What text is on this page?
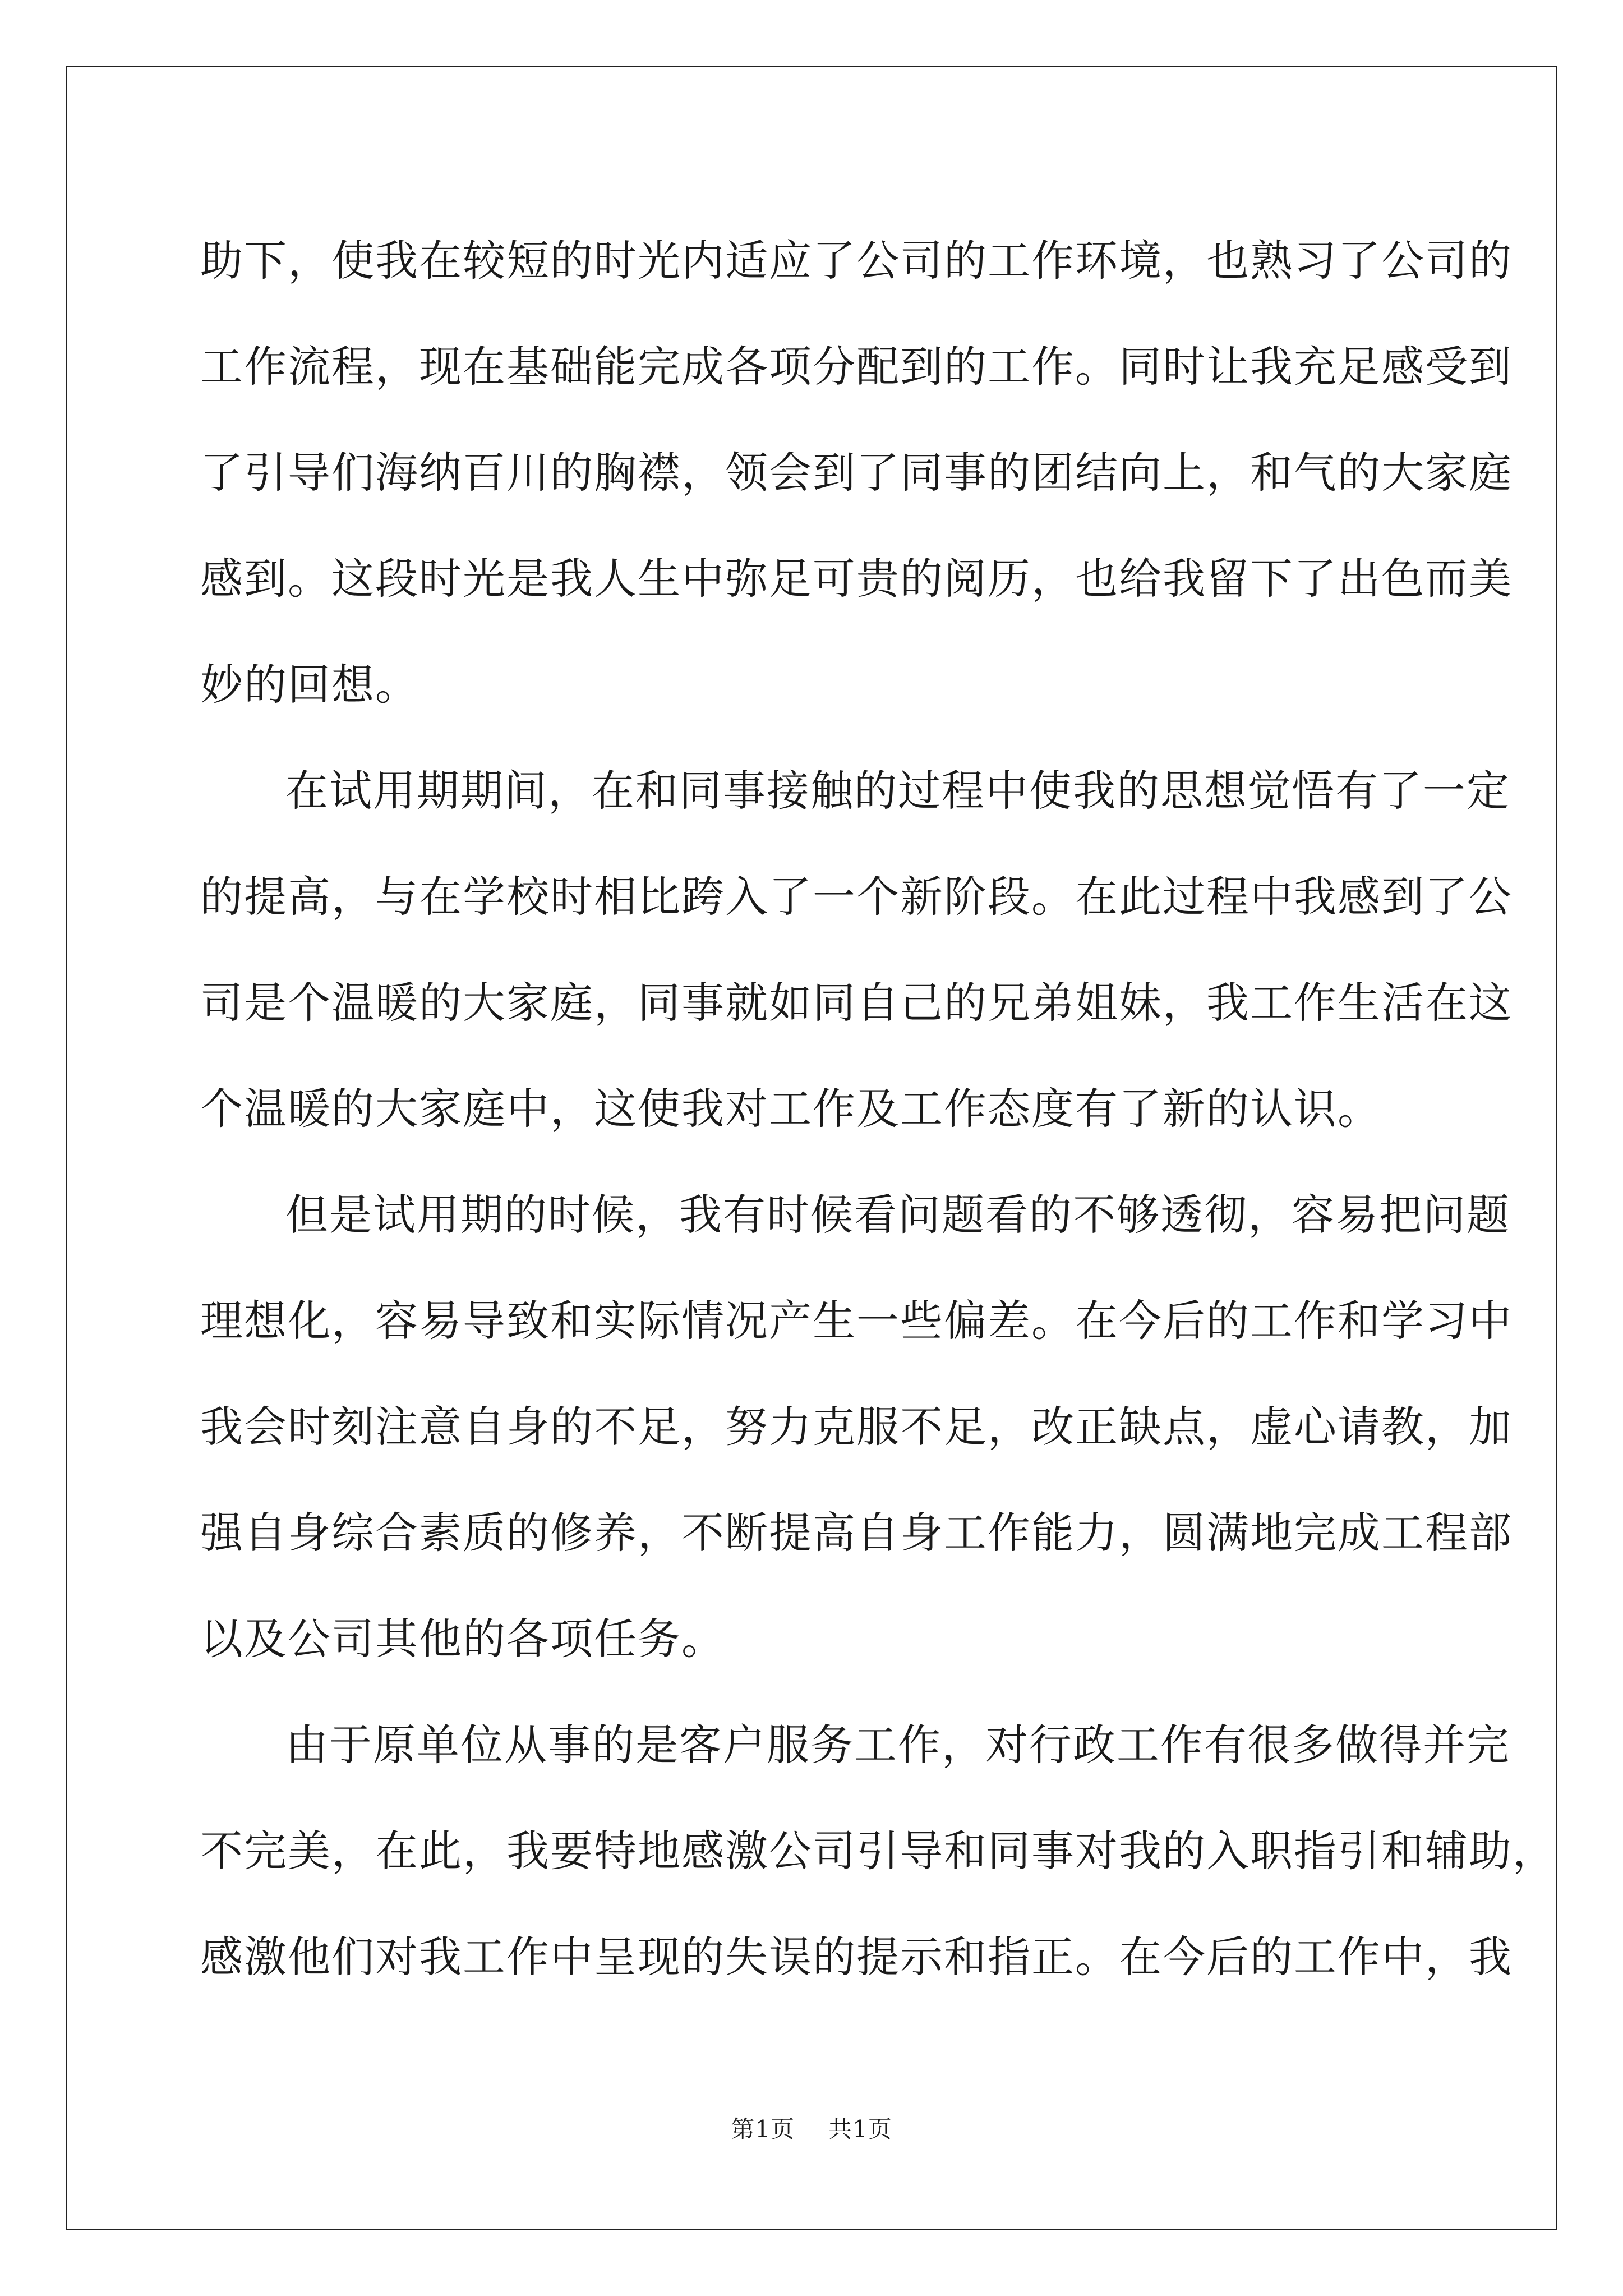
助下，使我在较短的时光内适应了公司的工作环境，也熟习了公司的
工作流程，现在基础能完成各项分配到的工作。同时让我充足感受到
了引导们海纳百川的胸襟，领会到了同事的团结向上，和气的大家庭
感到。这段时光是我人生中弥足可贵的阅历，也给我留下了出色而美
妙的回想。
在试用期期间，在和同事接触的过程中使我的思想觉悟有了一定
的提高，与在学校时相比跨入了一个新阶段。在此过程中我感到了公
司是个温暖的大家庭，同事就如同自己的兄弟姐妹，我工作生活在这
个温暖的大家庭中，这使我对工作及工作态度有了新的认识。
但是试用期的时候，我有时候看问题看的不够透彻，容易把问题
理想化，容易导致和实际情况产生一些偏差。在今后的工作和学习中
我会时刻注意自身的不足，努力克服不足，改正缺点，虚心请教，加
强自身综合素质的修养，不断提高自身工作能力，圆满地完成工程部
以及公司其他的各项任务。
由于原单位从事的是客户服务工作，对行政工作有很多做得并完
不完美，在此，我要特地感激公司引导和同事对我的入职指引和辅助，
感激他们对我工作中呈现的失误的提示和指正。在今后的工作中，我
第1页 共1页
